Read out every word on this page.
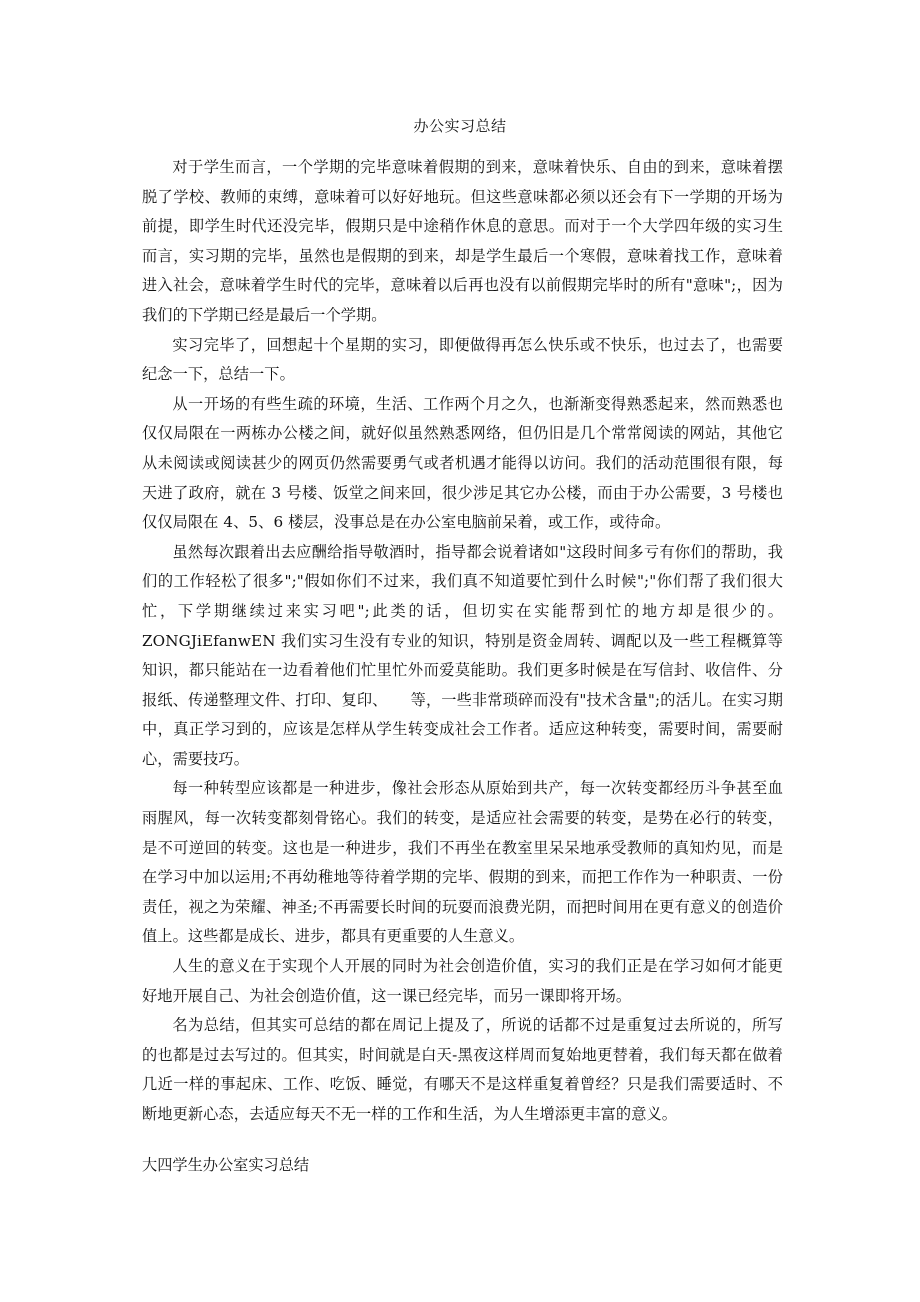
办公实习总结

对于学生而言，一个学期的完毕意味着假期的到来，意味着快乐、自由的到来，意味着摆脱了学校、教师的束缚，意味着可以好好地玩。但这些意味都必须以还会有下一学期的开场为前提，即学生时代还没完毕，假期只是中途稍作休息的意思。而对于一个大学四年级的实习生而言，实习期的完毕，虽然也是假期的到来，却是学生最后一个寒假，意味着找工作，意味着进入社会，意味着学生时代的完毕，意味着以后再也没有以前假期完毕时的所有"意味";，因为我们的下学期已经是最后一个学期。

实习完毕了，回想起十个星期的实习，即便做得再怎么快乐或不快乐，也过去了，也需要纪念一下，总结一下。

从一开场的有些生疏的环境，生活、工作两个月之久，也渐渐变得熟悉起来，然而熟悉也仅仅局限在一两栋办公楼之间，就好似虽然熟悉网络，但仍旧是几个常常阅读的网站，其他它从未阅读或阅读甚少的网页仍然需要勇气或者机遇才能得以访问。我们的活动范围很有限，每天进了政府，就在 3 号楼、饭堂之间来回，很少涉足其它办公楼，而由于办公需要，3 号楼也仅仅局限在 4、5、6 楼层，没事总是在办公室电脑前呆着，或工作，或待命。

虽然每次跟着出去应酬给指导敬酒时，指导都会说着诸如"这段时间多亏有你们的帮助，我们的工作轻松了很多";"假如你们不过来，我们真不知道要忙到什么时候";"你们帮了我们很大忙，下学期继续过来实习吧";此类的话，但切实在实能帮到忙的地方却是很少的。ZONGJiEfanwEN 我们实习生没有专业的知识，特别是资金周转、调配以及一些工程概算等知识，都只能站在一边看着他们忙里忙外而爱莫能助。我们更多时候是在写信封、收信件、分报纸、传递整理文件、打印、复印、　　等，一些非常琐碎而没有"技术含量";的活儿。在实习期中，真正学习到的，应该是怎样从学生转变成社会工作者。适应这种转变，需要时间，需要耐心，需要技巧。

每一种转型应该都是一种进步，像社会形态从原始到共产，每一次转变都经历斗争甚至血雨腥风，每一次转变都刻骨铭心。我们的转变，是适应社会需要的转变，是势在必行的转变，是不可逆回的转变。这也是一种进步，我们不再坐在教室里呆呆地承受教师的真知灼见，而是在学习中加以运用;不再幼稚地等待着学期的完毕、假期的到来，而把工作作为一种职责、一份责任，视之为荣耀、神圣;不再需要长时间的玩耍而浪费光阴，而把时间用在更有意义的创造价值上。这些都是成长、进步，都具有更重要的人生意义。

人生的意义在于实现个人开展的同时为社会创造价值，实习的我们正是在学习如何才能更好地开展自己、为社会创造价值，这一课已经完毕，而另一课即将开场。

名为总结，但其实可总结的都在周记上提及了，所说的话都不过是重复过去所说的，所写的也都是过去写过的。但其实，时间就是白天-黑夜这样周而复始地更替着，我们每天都在做着几近一样的事起床、工作、吃饭、睡觉，有哪天不是这样重复着曾经？只是我们需要适时、不断地更新心态，去适应每天不无一样的工作和生活，为人生增添更丰富的意义。

大四学生办公室实习总结
